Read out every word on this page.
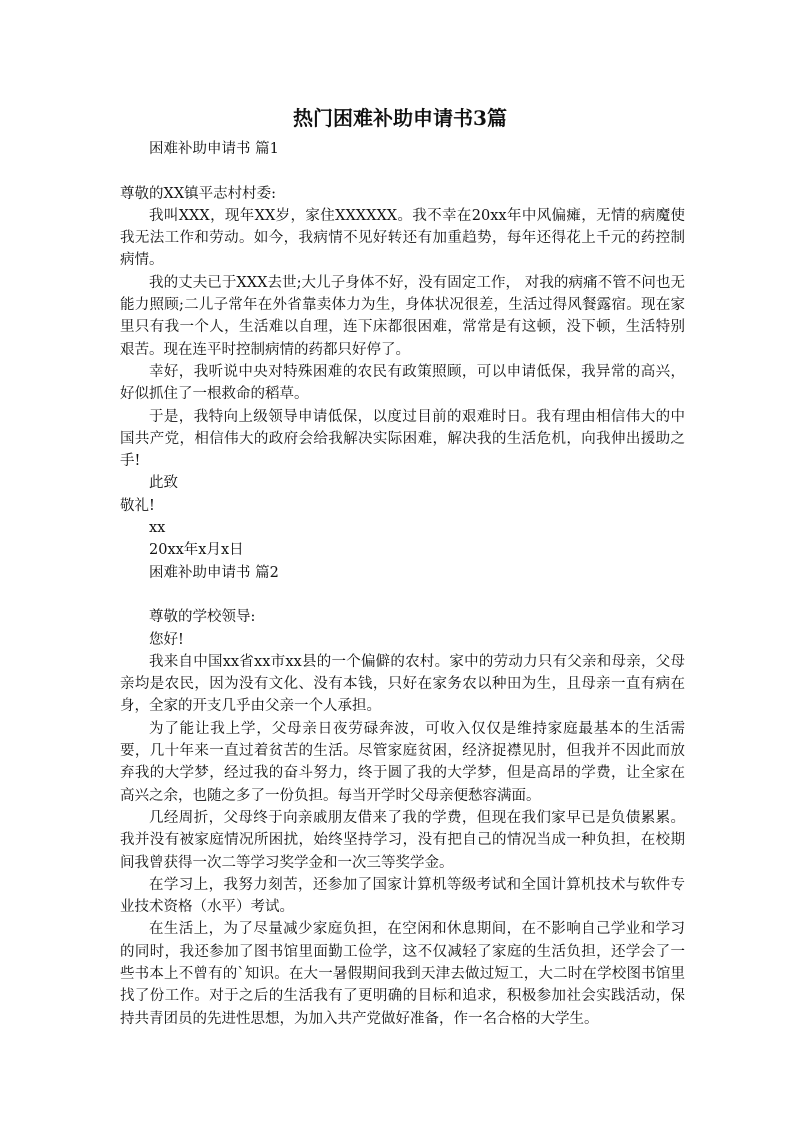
热门困难补助申请书3篇

困难补助申请书 篇1

尊敬的XX镇平志村村委:

我叫XXX，现年XX岁，家住XXXXXX。我不幸在20xx年中风偏瘫，无情的病魔使我无法工作和劳动。如今，我病情不见好转还有加重趋势，每年还得花上千元的药控制病情。

我的丈夫已于XXX去世;大儿子身体不好，没有固定工作， 对我的病痛不管不问也无能力照顾;二儿子常年在外省靠卖体力为生，身体状况很差，生活过得风餐露宿。现在家里只有我一个人，生活难以自理，连下床都很困难，常常是有这顿，没下顿，生活特别艰苦。现在连平时控制病情的药都只好停了。

幸好，我听说中央对特殊困难的农民有政策照顾，可以申请低保，我异常的高兴，好似抓住了一根救命的稻草。

于是，我特向上级领导申请低保，以度过目前的艰难时日。我有理由相信伟大的中国共产党，相信伟大的政府会给我解决实际困难，解决我的生活危机，向我伸出援助之手!

此致

敬礼!

xx

20xx年x月x日

困难补助申请书 篇2

尊敬的学校领导:

您好!

我来自中国xx省xx市xx县的一个偏僻的农村。家中的劳动力只有父亲和母亲，父母亲均是农民，因为没有文化、没有本钱，只好在家务农以种田为生，且母亲一直有病在身，全家的开支几乎由父亲一个人承担。

为了能让我上学，父母亲日夜劳碌奔波，可收入仅仅是维持家庭最基本的生活需要，几十年来一直过着贫苦的生活。尽管家庭贫困，经济捉襟见肘，但我并不因此而放弃我的大学梦，经过我的奋斗努力，终于圆了我的大学梦，但是高昂的学费，让全家在高兴之余，也随之多了一份负担。每当开学时父母亲便愁容满面。

几经周折，父母终于向亲戚朋友借来了我的学费，但现在我们家早已是负债累累。我并没有被家庭情况所困扰，始终坚持学习，没有把自己的情况当成一种负担，在校期间我曾获得一次二等学习奖学金和一次三等奖学金。

在学习上，我努力刻苦，还参加了国家计算机等级考试和全国计算机技术与软件专业技术资格（水平）考试。

在生活上，为了尽量减少家庭负担，在空闲和休息期间，在不影响自己学业和学习的同时，我还参加了图书馆里面勤工俭学，这不仅减轻了家庭的生活负担，还学会了一些书本上不曾有的`知识。在大一暑假期间我到天津去做过短工，大二时在学校图书馆里找了份工作。对于之后的生活我有了更明确的目标和追求，积极参加社会实践活动，保持共青团员的先进性思想，为加入共产党做好准备，作一名合格的大学生。
